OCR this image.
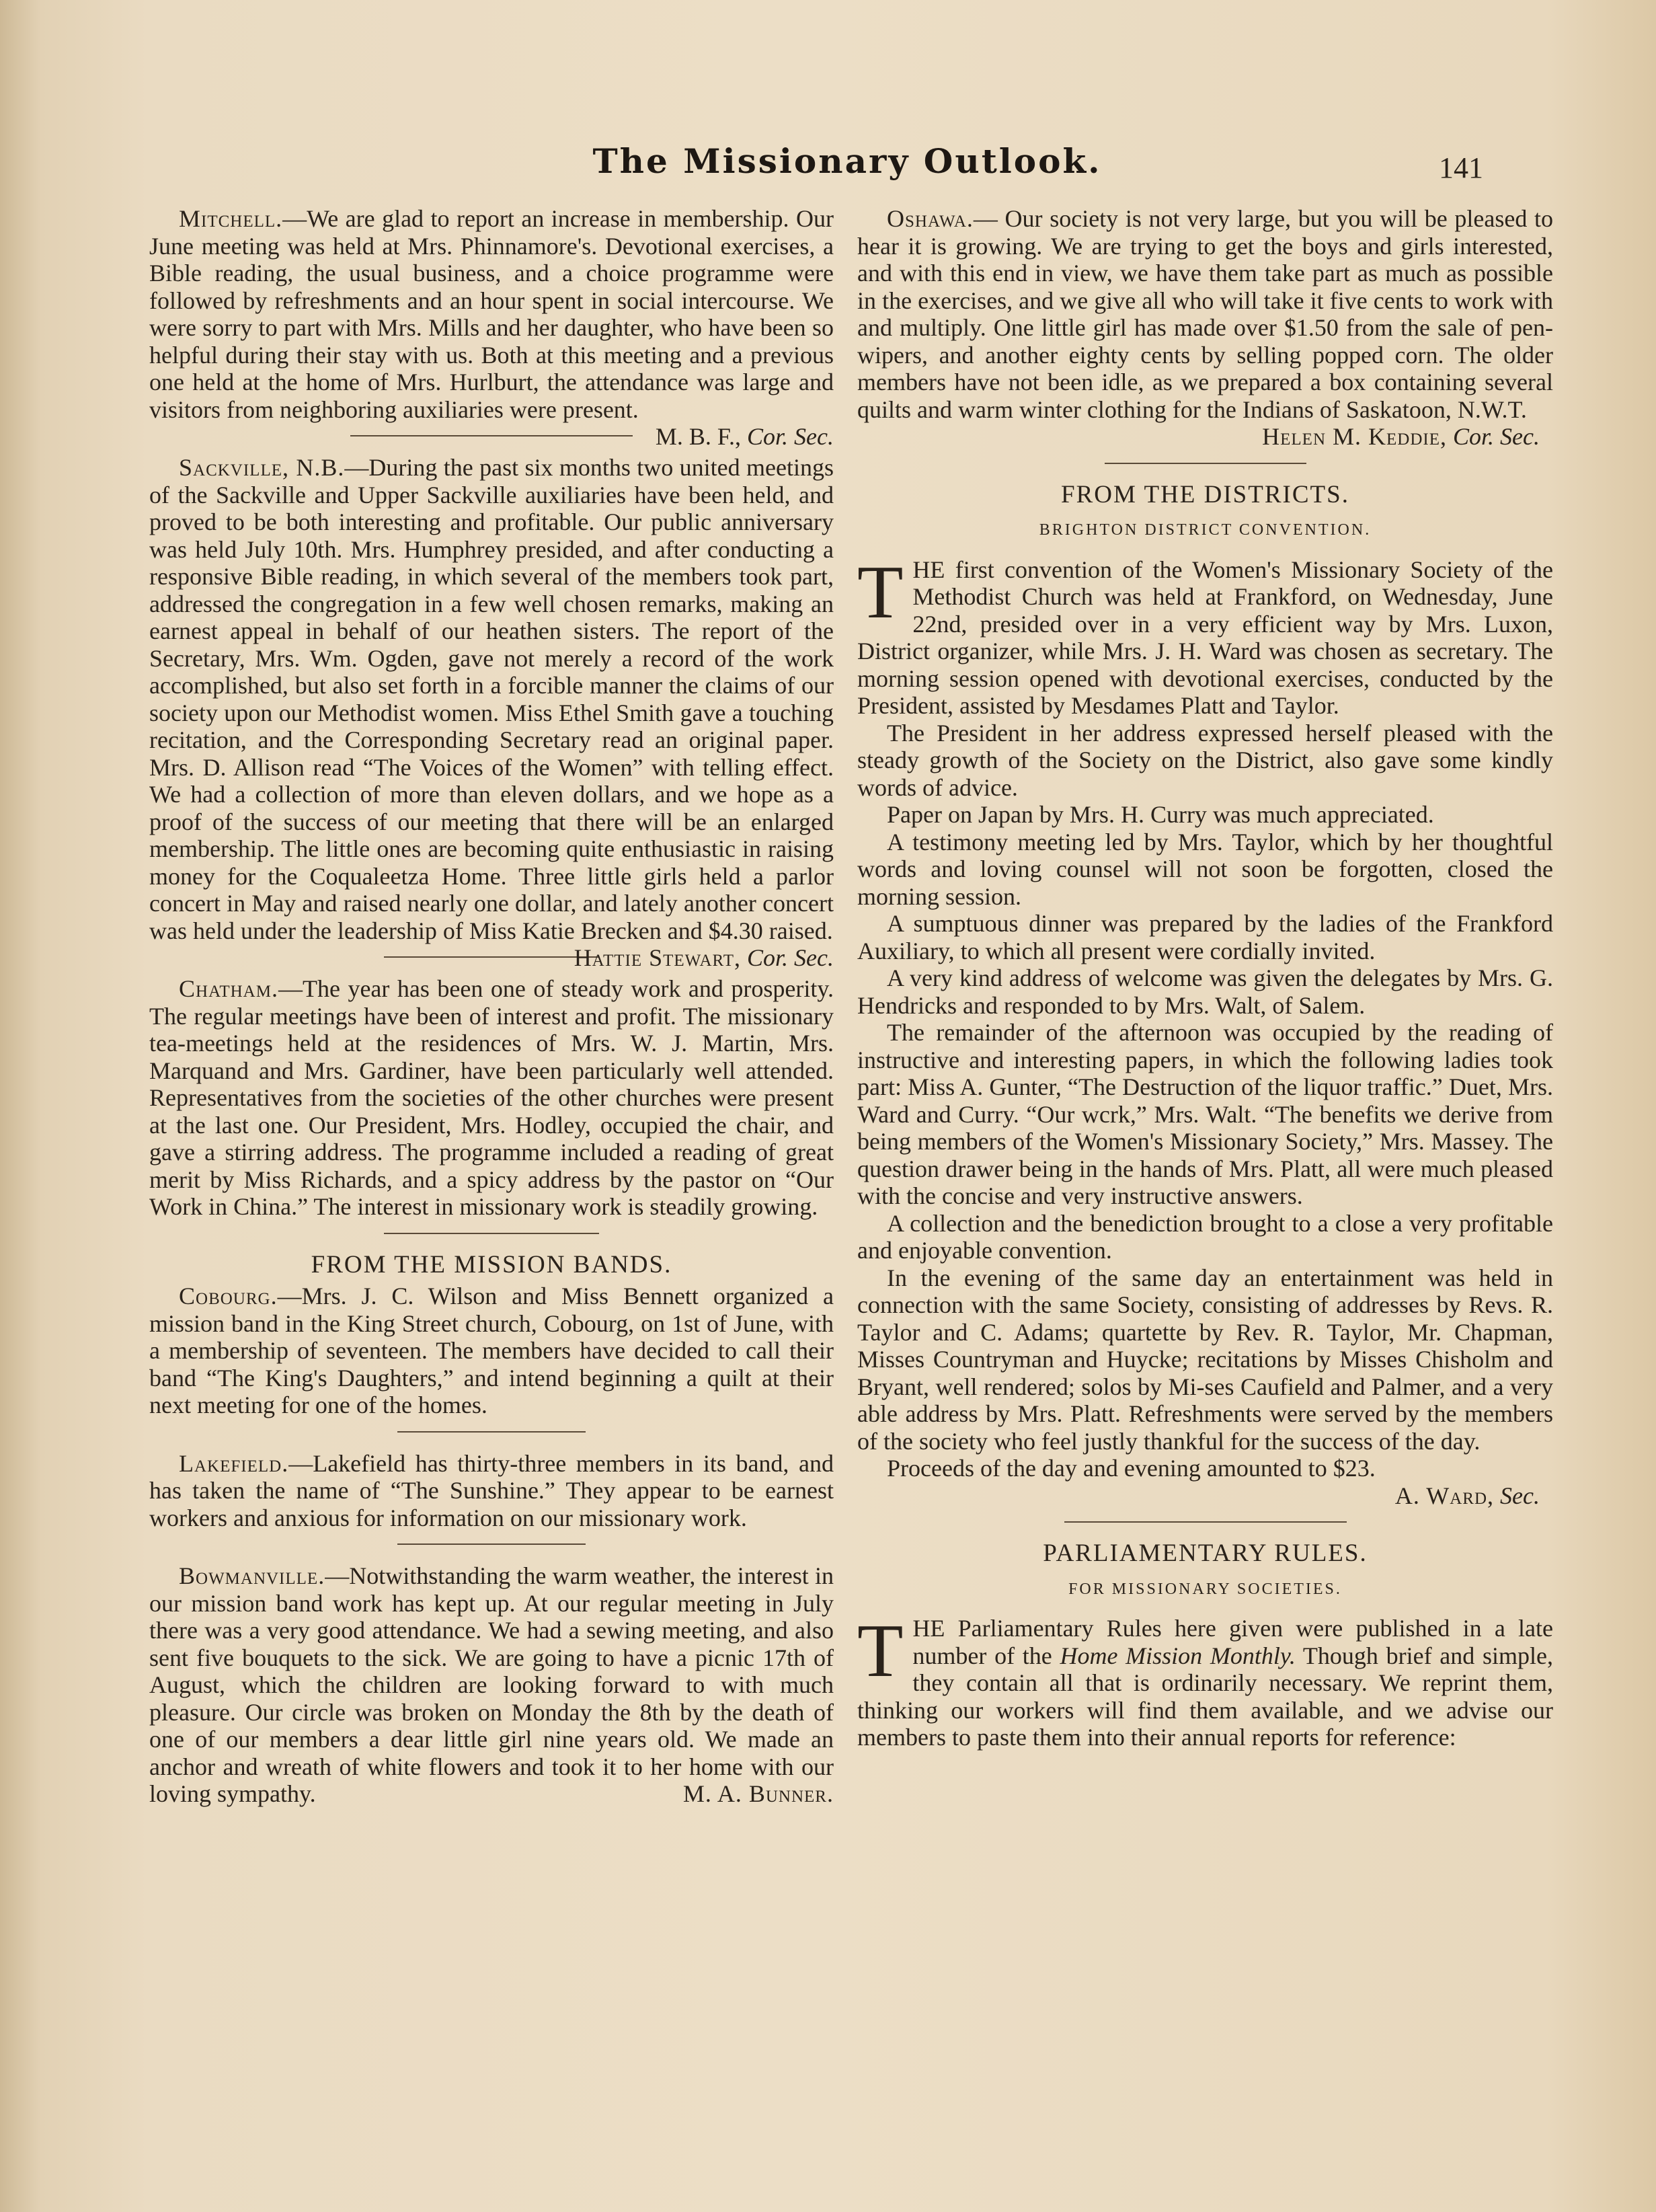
The Missionary Outlook.	141

Mitchell.—We are glad to report an increase in membership. Our June meeting was held at Mrs. Phinnamore's. Devotional exercises, a Bible reading, the usual business, and a choice programme were followed by refreshments and an hour spent in social intercourse. We were sorry to part with Mrs. Mills and her daughter, who have been so helpful during their stay with us. Both at this meeting and a previous one held at the home of Mrs. Hurlburt, the attendance was large and visitors from neighboring auxiliaries were present.
M. B. F., Cor. Sec.

Sackville, N.B.—During the past six months two united meetings of the Sackville and Upper Sackville auxiliaries have been held, and proved to be both interesting and profitable. Our public anniversary was held July 10th. Mrs. Humphrey presided, and after conducting a responsive Bible reading, in which several of the members took part, addressed the congregation in a few well chosen remarks, making an earnest appeal in behalf of our heathen sisters. The report of the Secretary, Mrs. Wm. Ogden, gave not merely a record of the work accomplished, but also set forth in a forcible manner the claims of our society upon our Methodist women. Miss Ethel Smith gave a touching recitation, and the Corresponding Secretary read an original paper. Mrs. D. Allison read “The Voices of the Women” with telling effect. We had a collection of more than eleven dollars, and we hope as a proof of the success of our meeting that there will be an enlarged membership. The little ones are becoming quite enthusiastic in raising money for the Coqualeetza Home. Three little girls held a parlor concert in May and raised nearly one dollar, and lately another concert was held under the leadership of Miss Katie Brecken and $4.30 raised.
Hattie Stewart, Cor. Sec.

Chatham.—The year has been one of steady work and prosperity. The regular meetings have been of interest and profit. The missionary tea-meetings held at the residences of Mrs. W. J. Martin, Mrs. Marquand and Mrs. Gardiner, have been particularly well attended. Representatives from the societies of the other churches were present at the last one. Our President, Mrs. Hodley, occupied the chair, and gave a stirring address. The programme included a reading of great merit by Miss Richards, and a spicy address by the pastor on “Our Work in China.” The interest in missionary work is steadily growing.

FROM THE MISSION BANDS.

Cobourg.—Mrs. J. C. Wilson and Miss Bennett organized a mission band in the King Street church, Cobourg, on 1st of June, with a membership of seventeen. The members have decided to call their band “The King's Daughters,” and intend beginning a quilt at their next meeting for one of the homes.

Lakefield.—Lakefield has thirty-three members in its band, and has taken the name of “The Sunshine.” They appear to be earnest workers and anxious for information on our missionary work.

Bowmanville.—Notwithstanding the warm weather, the interest in our mission band work has kept up. At our regular meeting in July there was a very good attendance. We had a sewing meeting, and also sent five bouquets to the sick. We are going to have a picnic 17th of August, which the children are looking forward to with much pleasure. Our circle was broken on Monday the 8th by the death of one of our members a dear little girl nine years old. We made an anchor and wreath of white flowers and took it to her home with our loving sympathy.	M. A. Bunner.

Oshawa.— Our society is not very large, but you will be pleased to hear it is growing. We are trying to get the boys and girls interested, and with this end in view, we have them take part as much as possible in the exercises, and we give all who will take it five cents to work with and multiply. One little girl has made over $1.50 from the sale of pen-wipers, and another eighty cents by selling popped corn. The older members have not been idle, as we prepared a box containing several quilts and warm winter clothing for the Indians of Saskatoon, N.W.T.

Helen M. Keddie, Cor. Sec.

FROM THE DISTRICTS.
BRIGHTON DISTRICT CONVENTION.

THE first convention of the Women's Missionary Society of the Methodist Church was held at Frankford, on Wednesday, June 22nd, presided over in a very efficient way by Mrs. Luxon, District organizer, while Mrs. J. H. Ward was chosen as secretary. The morning session opened with devotional exercises, conducted by the President, assisted by Mesdames Platt and Taylor.

The President in her address expressed herself pleased with the steady growth of the Society on the District, also gave some kindly words of advice.

Paper on Japan by Mrs. H. Curry was much appreciated.

A testimony meeting led by Mrs. Taylor, which by her thoughtful words and loving counsel will not soon be forgotten, closed the morning session.

A sumptuous dinner was prepared by the ladies of the Frankford Auxiliary, to which all present were cordially invited.

A very kind address of welcome was given the delegates by Mrs. G. Hendricks and responded to by Mrs. Walt, of Salem.

The remainder of the afternoon was occupied by the reading of instructive and interesting papers, in which the following ladies took part: Miss A. Gunter, “The Destruction of the liquor traffic.” Duet, Mrs. Ward and Curry. “Our wcrk,” Mrs. Walt. “The benefits we derive from being members of the Women's Missionary Society,” Mrs. Massey. The question drawer being in the hands of Mrs. Platt, all were much pleased with the concise and very instructive answers.

A collection and the benediction brought to a close a very profitable and enjoyable convention.

In the evening of the same day an entertainment was held in connection with the same Society, consisting of addresses by Revs. R. Taylor and C. Adams; quartette by Rev. R. Taylor, Mr. Chapman, Misses Countryman and Huycke; recitations by Misses Chisholm and Bryant, well rendered; solos by Mi-ses Caufield and Palmer, and a very able address by Mrs. Platt. Refreshments were served by the members of the society who feel justly thankful for the success of the day.

Proceeds of the day and evening amounted to $23.

A. Ward, Sec.

PARLIAMENTARY RULES.
FOR MISSIONARY SOCIETIES.

THE Parliamentary Rules here given were published in a late number of the Home Mission Monthly. Though brief and simple, they contain all that is ordinarily necessary. We reprint them, thinking our workers will find them available, and we advise our members to paste them into their annual reports for reference:
